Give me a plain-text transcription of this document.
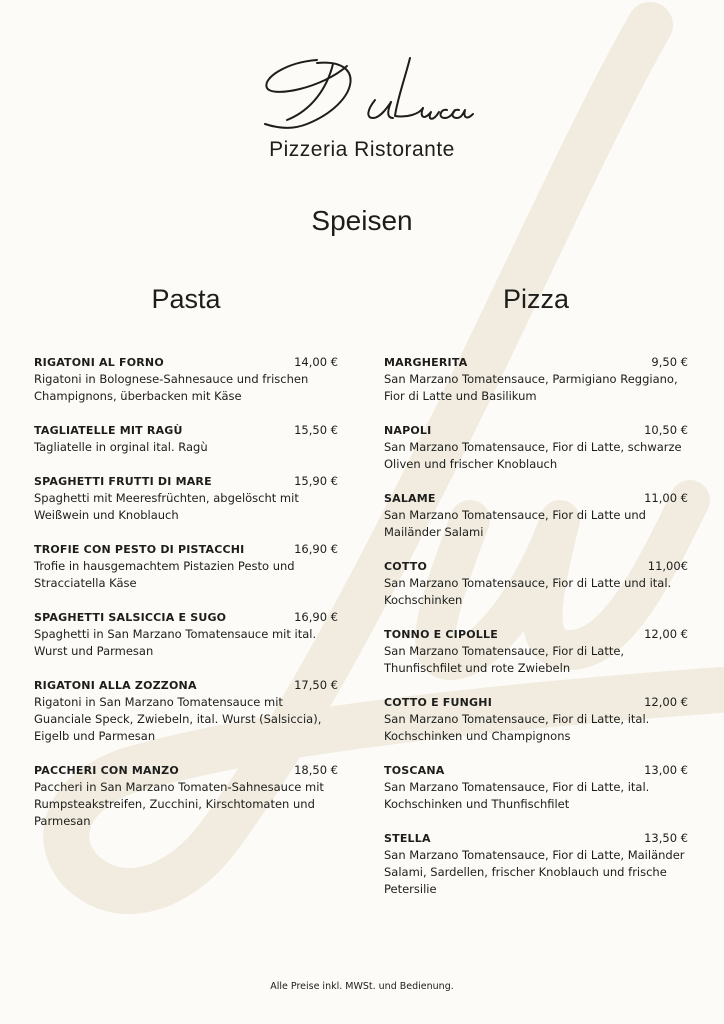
Pizzeria Ristorante
Speisen
Pasta	Pizza
RIGATONI AL FORNO	14,00 €
Rigatoni in Bolognese-Sahnesauce und frischen Champignons, überbacken mit Käse
TAGLIATELLE MIT RAGÙ	15,50 €
Tagliatelle in orginal ital. Ragù
SPAGHETTI FRUTTI DI MARE	15,90 €
Spaghetti mit Meeresfrüchten, abgelöscht mit Weißwein und Knoblauch
TROFIE CON PESTO DI PISTACCHI	16,90 €
Trofie in hausgemachtem Pistazien Pesto und Stracciatella Käse
SPAGHETTI SALSICCIA E SUGO	16,90 €
Spaghetti in San Marzano Tomatensauce mit ital. Wurst und Parmesan
RIGATONI ALLA ZOZZONA	17,50 €
Rigatoni in San Marzano Tomatensauce mit Guanciale Speck, Zwiebeln, ital. Wurst (Salsiccia), Eigelb und Parmesan
PACCHERI CON MANZO	18,50 €
Paccheri in San Marzano Tomaten-Sahnesauce mit Rumpsteakstreifen, Zucchini, Kirschtomaten und Parmesan
MARGHERITA	9,50 €
San Marzano Tomatensauce, Parmigiano Reggiano, Fior di Latte und Basilikum
NAPOLI	10,50 €
San Marzano Tomatensauce, Fior di Latte, schwarze Oliven und frischer Knoblauch
SALAME	11,00 €
San Marzano Tomatensauce, Fior di Latte und Mailänder Salami
COTTO	11,00€
San Marzano Tomatensauce, Fior di Latte und ital. Kochschinken
TONNO E CIPOLLE	12,00 €
San Marzano Tomatensauce, Fior di Latte, Thunfischfilet und rote Zwiebeln
COTTO E FUNGHI	12,00 €
San Marzano Tomatensauce, Fior di Latte, ital. Kochschinken und Champignons
TOSCANA	13,00 €
San Marzano Tomatensauce, Fior di Latte, ital. Kochschinken und Thunfischfilet
STELLA	13,50 €
San Marzano Tomatensauce, Fior di Latte, Mailänder Salami, Sardellen, frischer Knoblauch und frische Petersilie
Alle Preise inkl. MWSt. und Bedienung.
